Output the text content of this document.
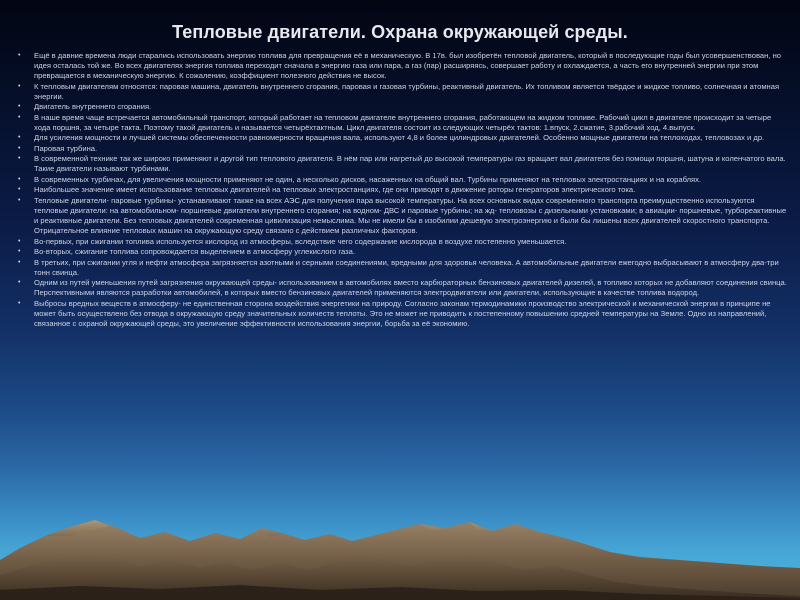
Тепловые двигатели. Охрана окружающей среды.
• Ещё в давние времена люди старались использовать энергию топлива для превращения её в механическую. В 17в. был изобретён тепловой двигатель, который в последующие годы был усовершенствован, но идея осталась той же. Во всех двигателях энергия топлива переходит сначала в энергию газа или пара, а газ (пар) расширяясь, совершает работу и охлаждается, а часть его внутренней энергии при этом превращается в механическую энергию. К сожалению, коэффициент полезного действия не высок.
• К тепловым двигателям относятся: паровая машина, двигатель внутреннего сгорания, паровая и газовая турбины, реактивный двигатель. Их топливом является твёрдое и жидкое топливо, солнечная и атомная энергии.
• Двигатель внутреннего сгорания.
• В наше время чаще встречается автомобильный транспорт, который работает на тепловом двигателе внутреннего сгорания, работающем на жидком топливе. Рабочий цикл в двигателе происходит за четыре хода поршня, за четыре такта. Поэтому такой двигатель и называется четырёхтактным. Цикл двигателя состоит из следующих четырёх тактов: 1.впуск, 2.сжатие, 3.рабочий ход, 4.выпуск.
• Для усиления мощности и лучшей системы обеспеченности равномерности вращения вала, используют 4,8 и более цилиндровых двигателей. Особенно мощные двигатели на теплоходах, тепловозах и др.
• Паровая турбина.
• В современной технике так же широко применяют и другой тип теплового двигателя. В нём пар или нагретый до высокой температуры газ вращает вал двигателя без помощи поршня, шатуна и коленчатого вала. Такие двигатели называют турбинами.
• В современных турбинах, для увеличения мощности применяют не один, а несколько дисков, насаженных на общий вал. Турбины применяют на тепловых электростанциях и на кораблях.
• Наибольшее значение имеет использование тепловых двигателей на тепловых электростанциях, где они приводят в движение роторы генераторов электрического тока.
• Тепловые двигатели- паровые турбины- устанавливают также на всех АЭС для получения пара высокой температуры. На всех основных видах современного транспорта преимущественно используются тепловые двигатели: на автомобильном- поршневые двигатели внутреннего сгорания; на водном- ДВС и паровые турбины; на жд- тепловозы с дизельными установками; в авиации- поршневые, турбореактивные и реактивные двигатели. Без тепловых двигателей современная цивилизация немыслима. Мы не имели бы в изобилии дешевую электроэнергию и были бы лишены всех двигателей скоростного транспорта. Отрицательное влияние тепловых машин на окружающую среду связано с действием различных факторов.
• Во-первых, при сжигании топлива используется кислород из атмосферы, вследствие чего содержание кислорода в воздухе постепенно уменьшается.
• Во-вторых, сжигание топлива сопровождается выделением в атмосферу углекислого газа.
• В третьих, при сжигании угля и нефти атмосфера загрязняется азотными и серными соединениями, вредными для здоровья человека. А автомобильные двигатели ежегодно выбрасывают в атмосферу два-три тонн свинца.
• Одним из путей уменьшения путей загрязнения окружающей среды- использованием в автомобилях вместо карбюраторных бензиновых двигателей дизелей, в топливо которых не добавляют соединения свинца. Перспективными являются разработки автомобилей, в которых вместо бензиновых двигателей применяются электродвигатели или двигатели, использующие в качестве топлива водород.
• Выбросы вредных веществ в атмосферу- не единственная сторона воздействия энергетики на природу. Согласно законам термодинамики производство электрической и механической энергии в принципе не может быть осуществлено без отвода в окружающую среду значительных количеств теплоты. Это не может не приводить к постепенному повышению средней температуры на Земле. Одно из направлений, связанное с охраной окружающей среды, это увеличение эффективности использования энергии, борьба за её экономию.
